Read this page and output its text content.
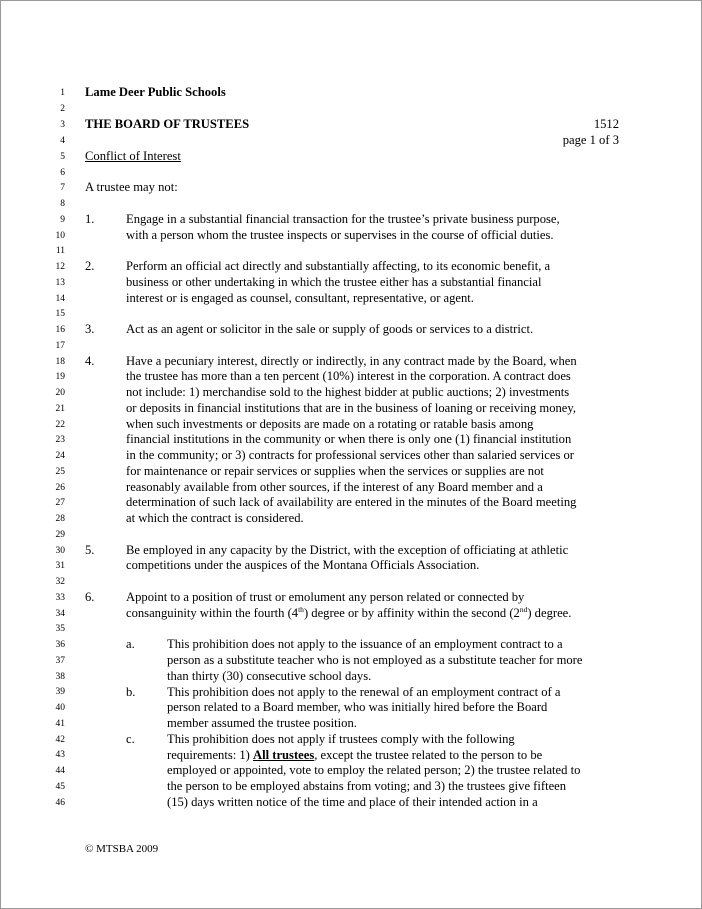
1
2
3
4
5
6
7
8
9
10
11
12
13
14
15
16
17
18
19
20
21
22
23
24
25
26
27
28
29
30
31
32
33
34
35
36
37
38
39
40
41
42
43
44
45
46
Lame Deer Public Schools
THE BOARD OF TRUSTEES	1512
page 1 of 3
Conflict of Interest
A trustee may not:
1.	Engage in a substantial financial transaction for the trustee’s private business purpose,
with a person whom the trustee inspects or supervises in the course of official duties.
2.	Perform an official act directly and substantially affecting, to its economic benefit, a
business or other undertaking in which the trustee either has a substantial financial
interest or is engaged as counsel, consultant, representative, or agent.
3.	Act as an agent or solicitor in the sale or supply of goods or services to a district.
4.	Have a pecuniary interest, directly or indirectly, in any contract made by the Board, when
the trustee has more than a ten percent (10%) interest in the corporation. A contract does
not include: 1) merchandise sold to the highest bidder at public auctions; 2) investments
or deposits in financial institutions that are in the business of loaning or receiving money,
when such investments or deposits are made on a rotating or ratable basis among
financial institutions in the community or when there is only one (1) financial institution
in the community; or 3) contracts for professional services other than salaried services or
for maintenance or repair services or supplies when the services or supplies are not
reasonably available from other sources, if the interest of any Board member and a
determination of such lack of availability are entered in the minutes of the Board meeting
at which the contract is considered.
5.	Be employed in any capacity by the District, with the exception of officiating at athletic
competitions under the auspices of the Montana Officials Association.
6.	Appoint to a position of trust or emolument any person related or connected by
consanguinity within the fourth (4th) degree or by affinity within the second (2nd) degree.
a.	This prohibition does not apply to the issuance of an employment contract to a
person as a substitute teacher who is not employed as a substitute teacher for more
than thirty (30) consecutive school days.
b.	This prohibition does not apply to the renewal of an employment contract of a
person related to a Board member, who was initially hired before the Board
member assumed the trustee position.
c.	This prohibition does not apply if trustees comply with the following
requirements: 1) All trustees, except the trustee related to the person to be
employed or appointed, vote to employ the related person; 2) the trustee related to
the person to be employed abstains from voting; and 3) the trustees give fifteen
(15) days written notice of the time and place of their intended action in a
© MTSBA 2009
